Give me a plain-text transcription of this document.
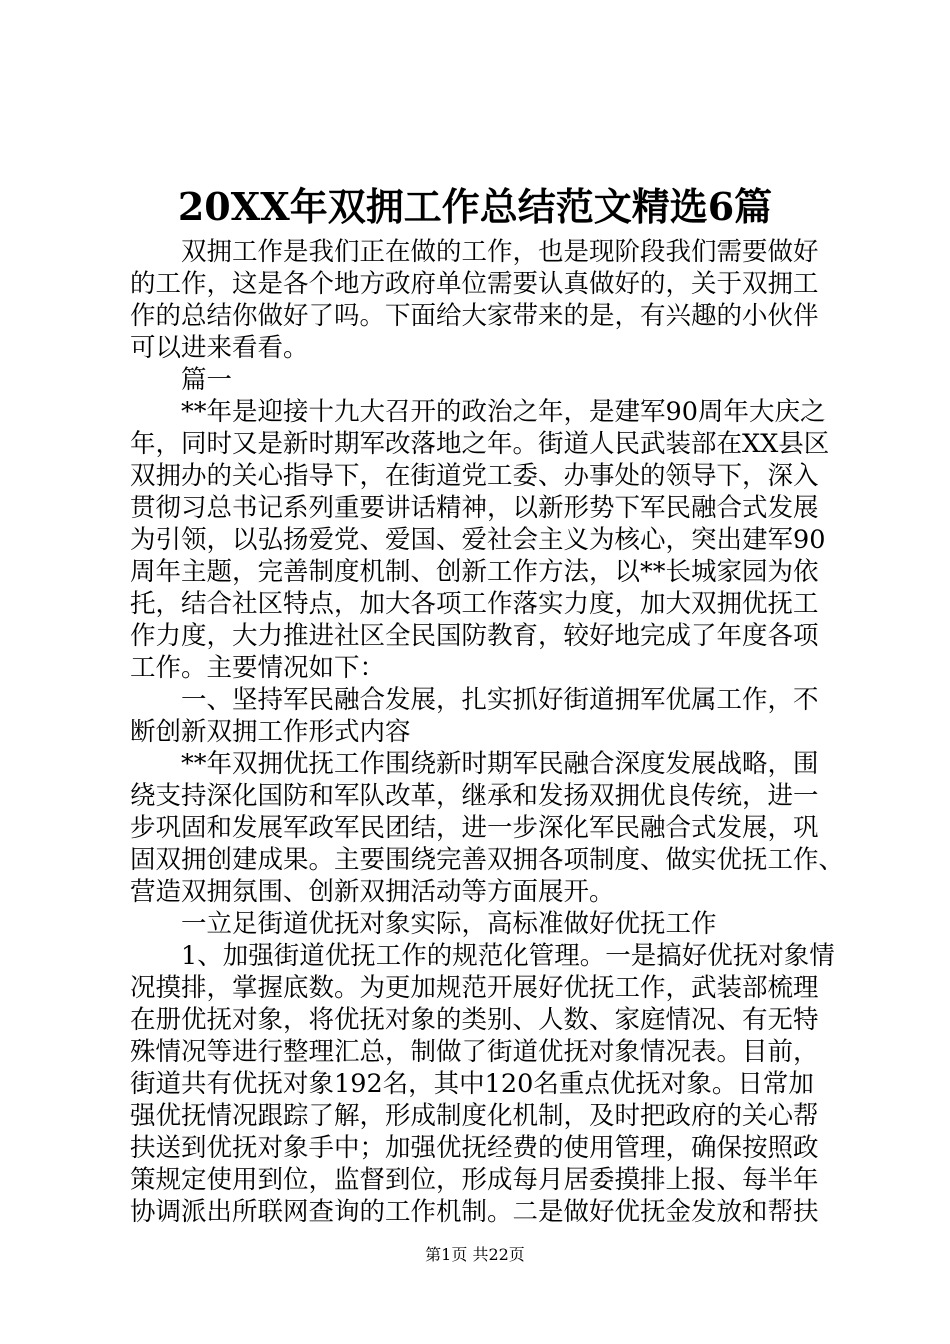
20XX年双拥工作总结范文精选6篇
双拥工作是我们正在做的工作，也是现阶段我们需要做好
的工作，这是各个地方政府单位需要认真做好的，关于双拥工
作的总结你做好了吗。下面给大家带来的是，有兴趣的小伙伴
可以进来看看。
篇一
**年是迎接十九大召开的政治之年，是建军90周年大庆之
年，同时又是新时期军改落地之年。街道人民武装部在XX县区
双拥办的关心指导下，在街道党工委、办事处的领导下，深入
贯彻习总书记系列重要讲话精神，以新形势下军民融合式发展
为引领，以弘扬爱党、爱国、爱社会主义为核心，突出建军90
周年主题，完善制度机制、创新工作方法，以**长城家园为依
托，结合社区特点，加大各项工作落实力度，加大双拥优抚工
作力度，大力推进社区全民国防教育，较好地完成了年度各项
工作。主要情况如下：
一、坚持军民融合发展，扎实抓好街道拥军优属工作，不
断创新双拥工作形式内容
**年双拥优抚工作围绕新时期军民融合深度发展战略，围
绕支持深化国防和军队改革，继承和发扬双拥优良传统，进一
步巩固和发展军政军民团结，进一步深化军民融合式发展，巩
固双拥创建成果。主要围绕完善双拥各项制度、做实优抚工作、
营造双拥氛围、创新双拥活动等方面展开。
一立足街道优抚对象实际，高标准做好优抚工作
1、加强街道优抚工作的规范化管理。一是搞好优抚对象情
况摸排，掌握底数。为更加规范开展好优抚工作，武装部梳理
在册优抚对象，将优抚对象的类别、人数、家庭情况、有无特
殊情况等进行整理汇总，制做了街道优抚对象情况表。目前，
街道共有优抚对象192名，其中120名重点优抚对象。日常加
强优抚情况跟踪了解，形成制度化机制，及时把政府的关心帮
扶送到优抚对象手中；加强优抚经费的使用管理，确保按照政
策规定使用到位，监督到位，形成每月居委摸排上报、每半年
协调派出所联网查询的工作机制。二是做好优抚金发放和帮扶
第1页 共22页
